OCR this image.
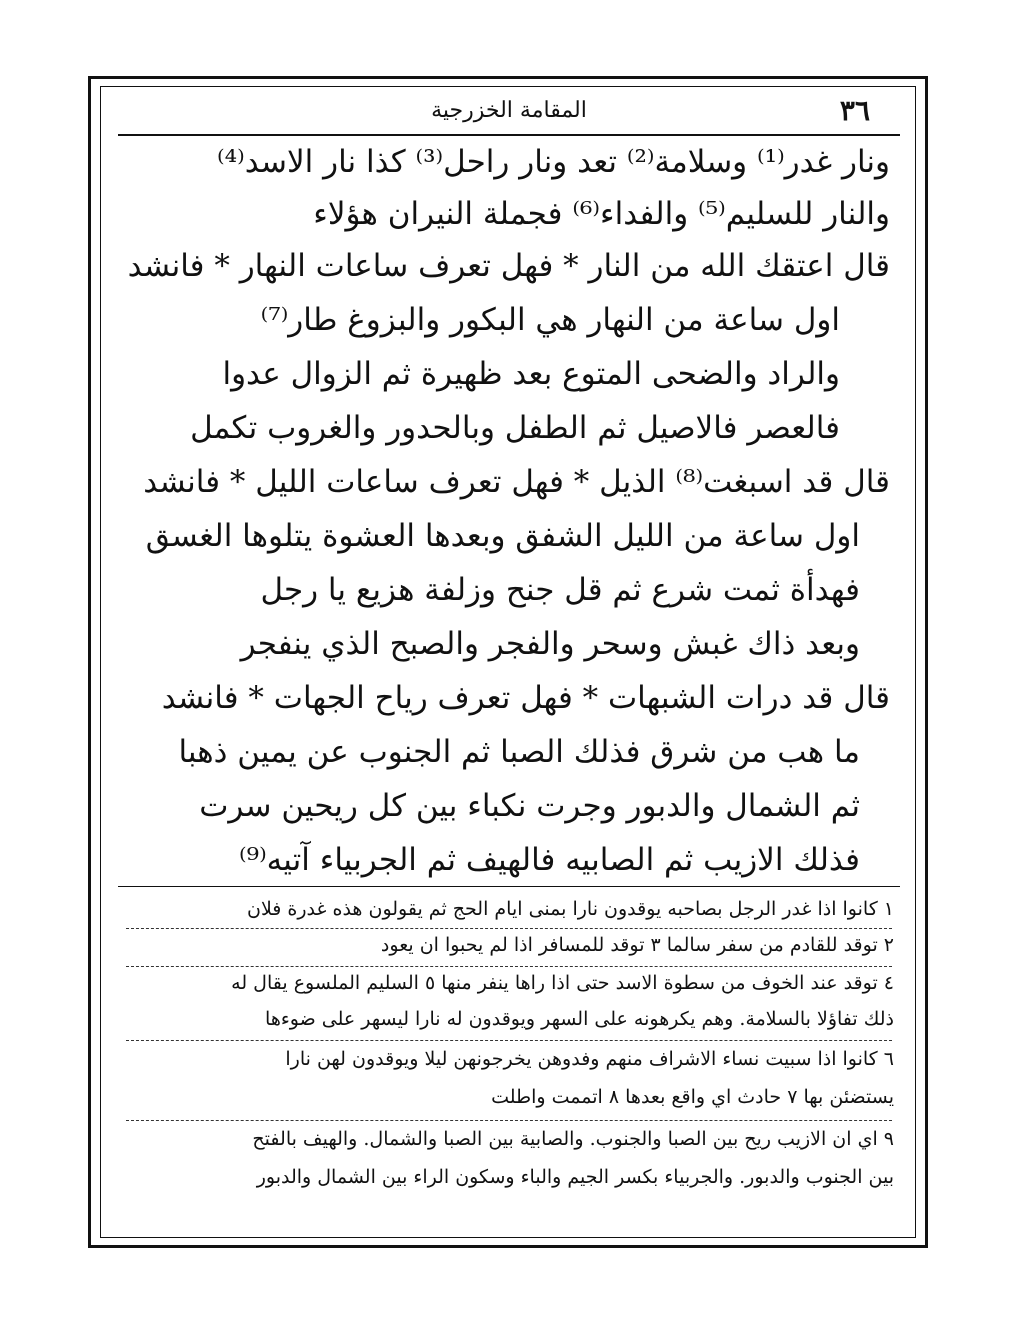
٣٦
المقامة الخزرجية
ونار غدر⁽¹⁾ وسلامة⁽²⁾ تعد ونار راحل⁽³⁾ كذا نار الاسد⁽⁴⁾
والنار للسليم⁽⁵⁾ والفداء⁽⁶⁾ فجملة النيران هؤلاء
قال اعتقك الله من النار * فهل تعرف ساعات النهار * فانشد
اول ساعة من النهار هي البكور والبزوغ طار⁽⁷⁾
والراد والضحى المتوع بعد ظهيرة ثم الزوال عدوا
فالعصر فالاصيل ثم الطفل وبالحدور والغروب تكمل
قال قد اسبغت⁽⁸⁾ الذيل * فهل تعرف ساعات الليل * فانشد
اول ساعة من الليل الشفق وبعدها العشوة يتلوها الغسق
فهدأة ثمت شرع ثم قل جنح وزلفة هزيع يا رجل
وبعد ذاك غبش وسحر والفجر والصبح الذي ينفجر
قال قد درات الشبهات * فهل تعرف رياح الجهات * فانشد
ما هب من شرق فذلك الصبا ثم الجنوب عن يمين ذهبا
ثم الشمال والدبور وجرت نكباء بين كل ريحين سرت
فذلك الازيب ثم الصابيه فالهيف ثم الجربياء آتيه⁽⁹⁾
١ كانوا اذا غدر الرجل بصاحبه يوقدون نارا بمنى ايام الحج ثم يقولون هذه غدرة فلان
٢ توقد للقادم من سفر سالما ٣ توقد للمسافر اذا لم يحبوا ان يعود
٤ توقد عند الخوف من سطوة الاسد حتى اذا راها ينفر منها ٥ السليم الملسوع يقال له
ذلك تفاؤلا بالسلامة. وهم يكرهونه على السهر ويوقدون له نارا ليسهر على ضوءها
٦ كانوا اذا سبيت نساء الاشراف منهم وفدوهن يخرجونهن ليلا ويوقدون لهن نارا
يستضئن بها ٧ حادث اي واقع بعدها ٨ اتممت واطلت
٩ اي ان الازيب ريح بين الصبا والجنوب. والصابية بين الصبا والشمال. والهيف بالفتح
بين الجنوب والدبور. والجربياء بكسر الجيم والباء وسكون الراء بين الشمال والدبور
